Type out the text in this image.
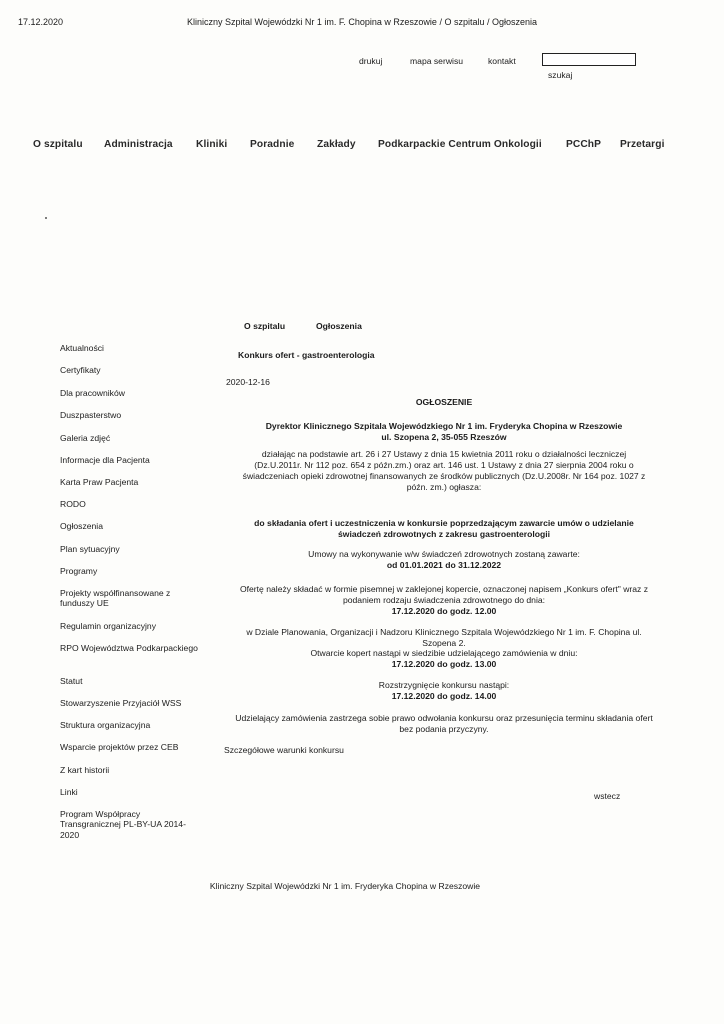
17.12.2020	Kliniczny Szpital Wojewódzki Nr 1 im. F. Chopina w Rzeszowie / O szpitalu / Ogłoszenia
drukuj	mapa serwisu	kontakt
szukaj
O szpitalu Administracja Kliniki Poradnie Zakłady Podkarpackie Centrum Onkologii PCChP Przetargi
Aktualności
Certyfikaty
Dla pracowników
Duszpasterstwo
Galeria zdjęć
Informacje dla Pacjenta
Karta Praw Pacjenta
RODO
Ogłoszenia
Plan sytuacyjny
Programy
Projekty współfinansowane z funduszy UE
Regulamin organizacyjny
RPO Województwa Podkarpackiego
Statut
Stowarzyszenie Przyjaciół WSS
Struktura organizacyjna
Wsparcie projektów przez CEB
Z kart historii
Linki
Program Współpracy Transgranicznej PL-BY-UA 2014-2020
O szpitalu	Ogłoszenia
Konkurs ofert - gastroenterologia
2020-12-16
OGŁOSZENIE
Dyrektor Klinicznego Szpitala Wojewódzkiego Nr 1 im. Fryderyka Chopina w Rzeszowie
ul. Szopena 2, 35-055 Rzeszów
działając na podstawie art. 26 i 27 Ustawy z dnia 15 kwietnia 2011 roku o działalności leczniczej
(Dz.U.2011r. Nr 112 poz. 654 z późn.zm.) oraz art. 146 ust. 1 Ustawy z dnia 27 sierpnia 2004 roku o
świadczeniach opieki zdrowotnej finansowanych ze środków publicznych (Dz.U.2008r. Nr 164 poz. 1027 z
późn. zm.) ogłasza:
do składania ofert i uczestniczenia w konkursie poprzedzającym zawarcie umów o udzielanie
świadczeń zdrowotnych z zakresu gastroenterologii
Umowy na wykonywanie w/w świadczeń zdrowotnych zostaną zawarte:
od 01.01.2021 do 31.12.2022
Ofertę należy składać w formie pisemnej w zaklejonej kopercie, oznaczonej napisem „Konkurs ofert" wraz z
podaniem rodzaju świadczenia zdrowotnego do dnia:
17.12.2020 do godz. 12.00
w Dziale Planowania, Organizacji i Nadzoru Klinicznego Szpitala Wojewódzkiego Nr 1 im. F. Chopina ul.
Szopena 2.
Otwarcie kopert nastąpi w siedzibie udzielającego zamówienia w dniu:
17.12.2020 do godz. 13.00
Rozstrzygnięcie konkursu nastąpi:
17.12.2020 do godz. 14.00
Udzielający zamówienia zastrzega sobie prawo odwołania konkursu oraz przesunięcia terminu składania ofert
bez podania przyczyny.
Szczegółowe warunki konkursu
wstecz
Kliniczny Szpital Wojewódzki Nr 1 im. Fryderyka Chopina w Rzeszowie
